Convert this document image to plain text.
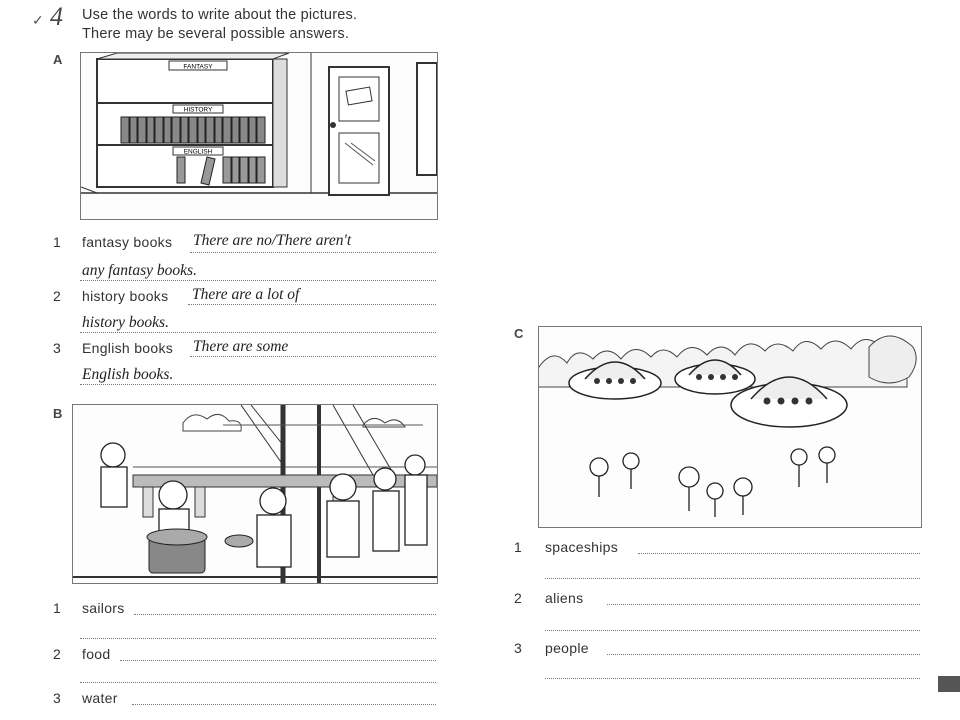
✓ 4 Use the words to write about the pictures.
There may be several possible answers.
A	FANTASY
HISTORY
ENGLISH
1 fantasy books There are no/There aren't
any fantasy books.
2 history books There are a lot of
history books.
3 English books There are some
English books.
B
1 sailors
2 food
3 water
C
1 spaceships
2 aliens
3 people
